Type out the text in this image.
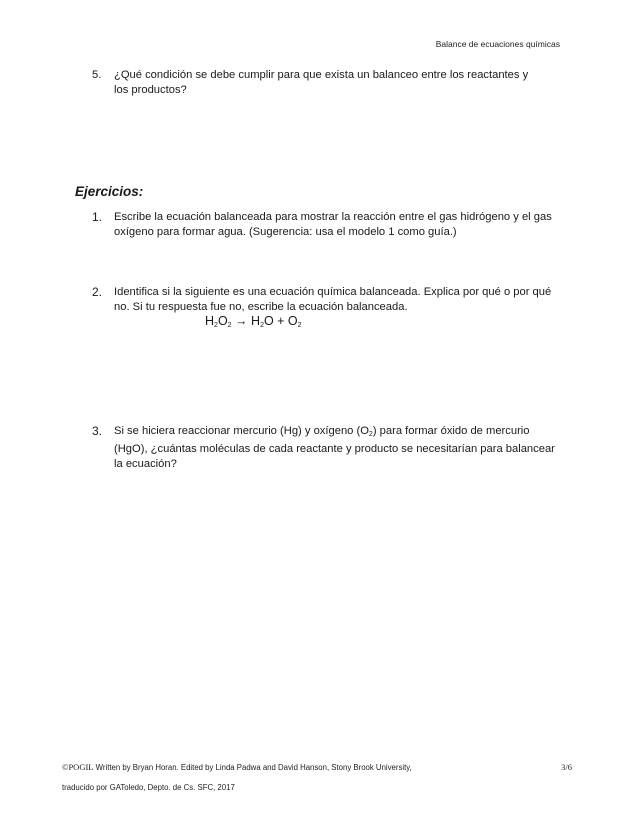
Balance de ecuaciones químicas
5. ¿Qué condición se debe cumplir para que exista un balanceo entre los reactantes y los productos?
Ejercicios:
1. Escribe la ecuación balanceada para mostrar la reacción entre el gas hidrógeno y el gas oxígeno para formar agua. (Sugerencia: usa el modelo 1 como guía.)
2. Identifica si la siguiente es una ecuación química balanceada. Explica por qué o por qué no. Si tu respuesta fue no, escribe la ecuación balanceada.
$H_2O_2 \to H_2O + O_2$
3. Si se hiciera reaccionar mercurio (Hg) y oxígeno $(O_2)$ para formar óxido de mercurio (HgO), ¿cuántas moléculas de cada reactante y producto se necesitarían para balancear la ecuación?
©POGIL Written by Bryan Horan. Edited by Linda Padwa and David Hanson, Stony Brook University,
traducido por GAToledo, Depto. de Cs. SFC, 2017
3/6
